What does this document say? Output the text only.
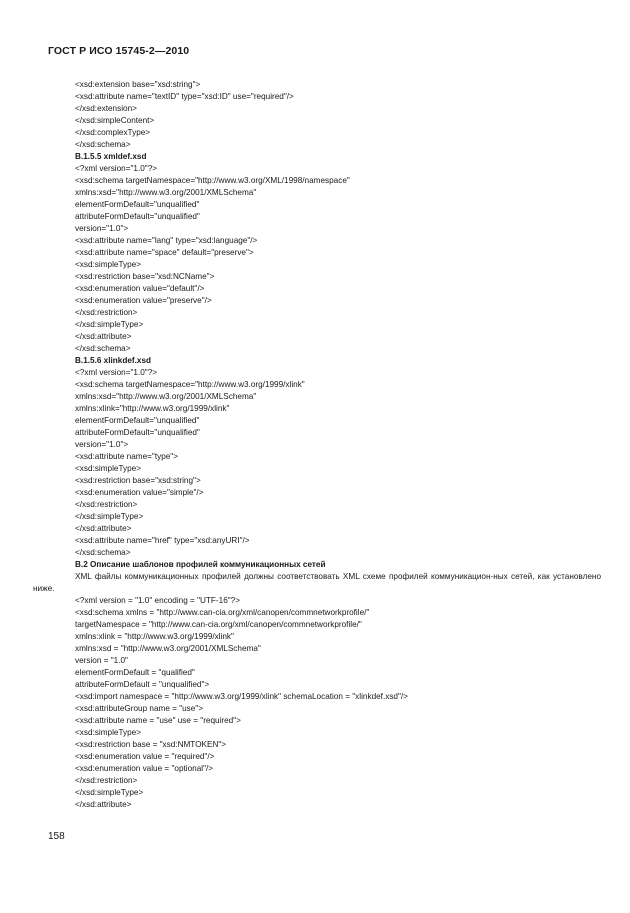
ГОСТ Р ИСО 15745-2—2010
<xsd:extension base="xsd:string">
<xsd:attribute name="textID" type="xsd:ID" use="required"/>
</xsd:extension>
</xsd:simpleContent>
</xsd:complexType>
</xsd:schema>
B.1.5.5 xmldef.xsd
<?xml version="1.0"?>
<xsd:schema targetNamespace="http://www.w3.org/XML/1998/namespace"
xmlns:xsd="http://www.w3.org/2001/XMLSchema"
elementFormDefault="unqualified"
attributeFormDefault="unqualified"
version="1.0">
<xsd:attribute name="lang" type="xsd:language"/>
<xsd:attribute name="space" default="preserve">
<xsd:simpleType>
<xsd:restriction base="xsd:NCName">
<xsd:enumeration value="default"/>
<xsd:enumeration value="preserve"/>
</xsd:restriction>
</xsd:simpleType>
</xsd:attribute>
</xsd:schema>
B.1.5.6 xlinkdef.xsd
<?xml version="1.0"?>
<xsd:schema targetNamespace="http://www.w3.org/1999/xlink"
xmlns:xsd="http://www.w3.org/2001/XMLSchema"
xmlns:xlink="http://www.w3.org/1999/xlink"
elementFormDefault="unqualified"
attributeFormDefault="unqualified"
version="1.0">
<xsd:attribute name="type">
<xsd:simpleType>
<xsd:restriction base="xsd:string">
<xsd:enumeration value="simple"/>
</xsd:restriction>
</xsd:simpleType>
</xsd:attribute>
<xsd:attribute name="href" type="xsd:anyURI"/>
</xsd:schema>
B.2 Описание шаблонов профилей коммуникационных сетей
XML файлы коммуникационных профилей должны соответствовать XML схеме профилей коммуникацион-ных сетей, как установлено ниже.
<?xml version = "1.0" encoding = "UTF-16"?>
<xsd:schema xmlns = "http://www.can-cia.org/xml/canopen/commnetworkprofile/"
targetNamespace = "http://www.can-cia.org/xml/canopen/commnetworkprofile/"
xmlns:xlink = "http://www.w3.org/1999/xlink"
xmlns:xsd = "http://www.w3.org/2001/XMLSchema"
version = "1.0"
elementFormDefault = "qualified"
attributeFormDefault = "unqualified">
<xsd:import namespace = "http://www.w3.org/1999/xlink" schemaLocation = "xlinkdef.xsd"/>
<xsd:attributeGroup name = "use">
<xsd:attribute name = "use" use = "required">
<xsd:simpleType>
<xsd:restriction base = "xsd:NMTOKEN">
<xsd:enumeration value = "required"/>
<xsd:enumeration value = "optional"/>
</xsd:restriction>
</xsd:simpleType>
</xsd:attribute>
158
